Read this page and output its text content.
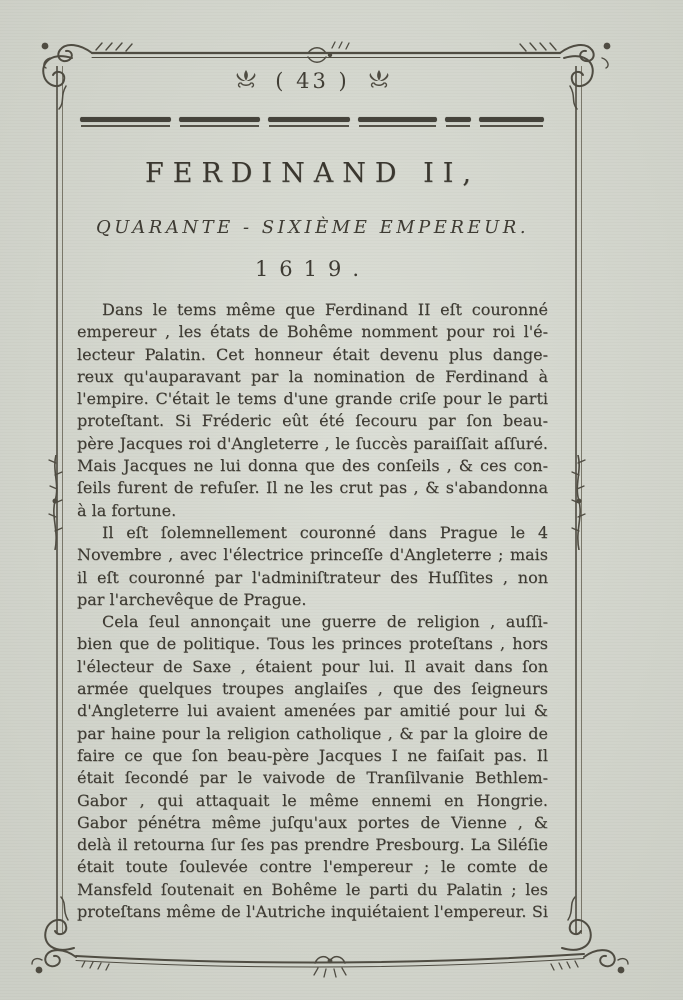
( 43 )
FERDINAND II,
QUARANTE - SIXIÈME EMPEREUR.
1619.
Dans le tems même que Ferdinand II eſt couronné
empereur , les états de Bohême nomment pour roi l'é-
lecteur Palatin. Cet honneur était devenu plus dange-
reux qu'auparavant par la nomination de Ferdinand à
l'empire. C'était le tems d'une grande criſe pour le parti
proteſtant. Si Fréderic eût été ſecouru par ſon beau-
père Jacques roi d'Angleterre , le ſuccès paraiſſait aſſuré.
Mais Jacques ne lui donna que des conſeils , & ces con-
ſeils furent de refuſer. Il ne les crut pas , & s'abandonna
à la fortune.
Il eſt ſolemnellement couronné dans Prague le 4
Novembre , avec l'électrice princeſſe d'Angleterre ; mais
il eſt couronné par l'adminiſtrateur des Huſſites , non
par l'archevêque de Prague.
Cela ſeul annonçait une guerre de religion , auſſi-
bien que de politique. Tous les princes proteſtans , hors
l'électeur de Saxe , étaient pour lui. Il avait dans ſon
armée quelques troupes anglaiſes , que des ſeigneurs
d'Angleterre lui avaient amenées par amitié pour lui &
par haine pour la religion catholique , & par la gloire de
faire ce que ſon beau-père Jacques I ne faiſait pas. Il
était ſecondé par le vaivode de Tranſilvanie Bethlem-
Gabor , qui attaquait le même ennemi en Hongrie.
Gabor pénétra même juſqu'aux portes de Vienne , &
delà il retourna ſur ſes pas prendre Presbourg. La Siléſie
était toute ſoulevée contre l'empereur ; le comte de
Mansfeld ſoutenait en Bohême le parti du Palatin ; les
proteſtans même de l'Autriche inquiétaient l'empereur. Si
